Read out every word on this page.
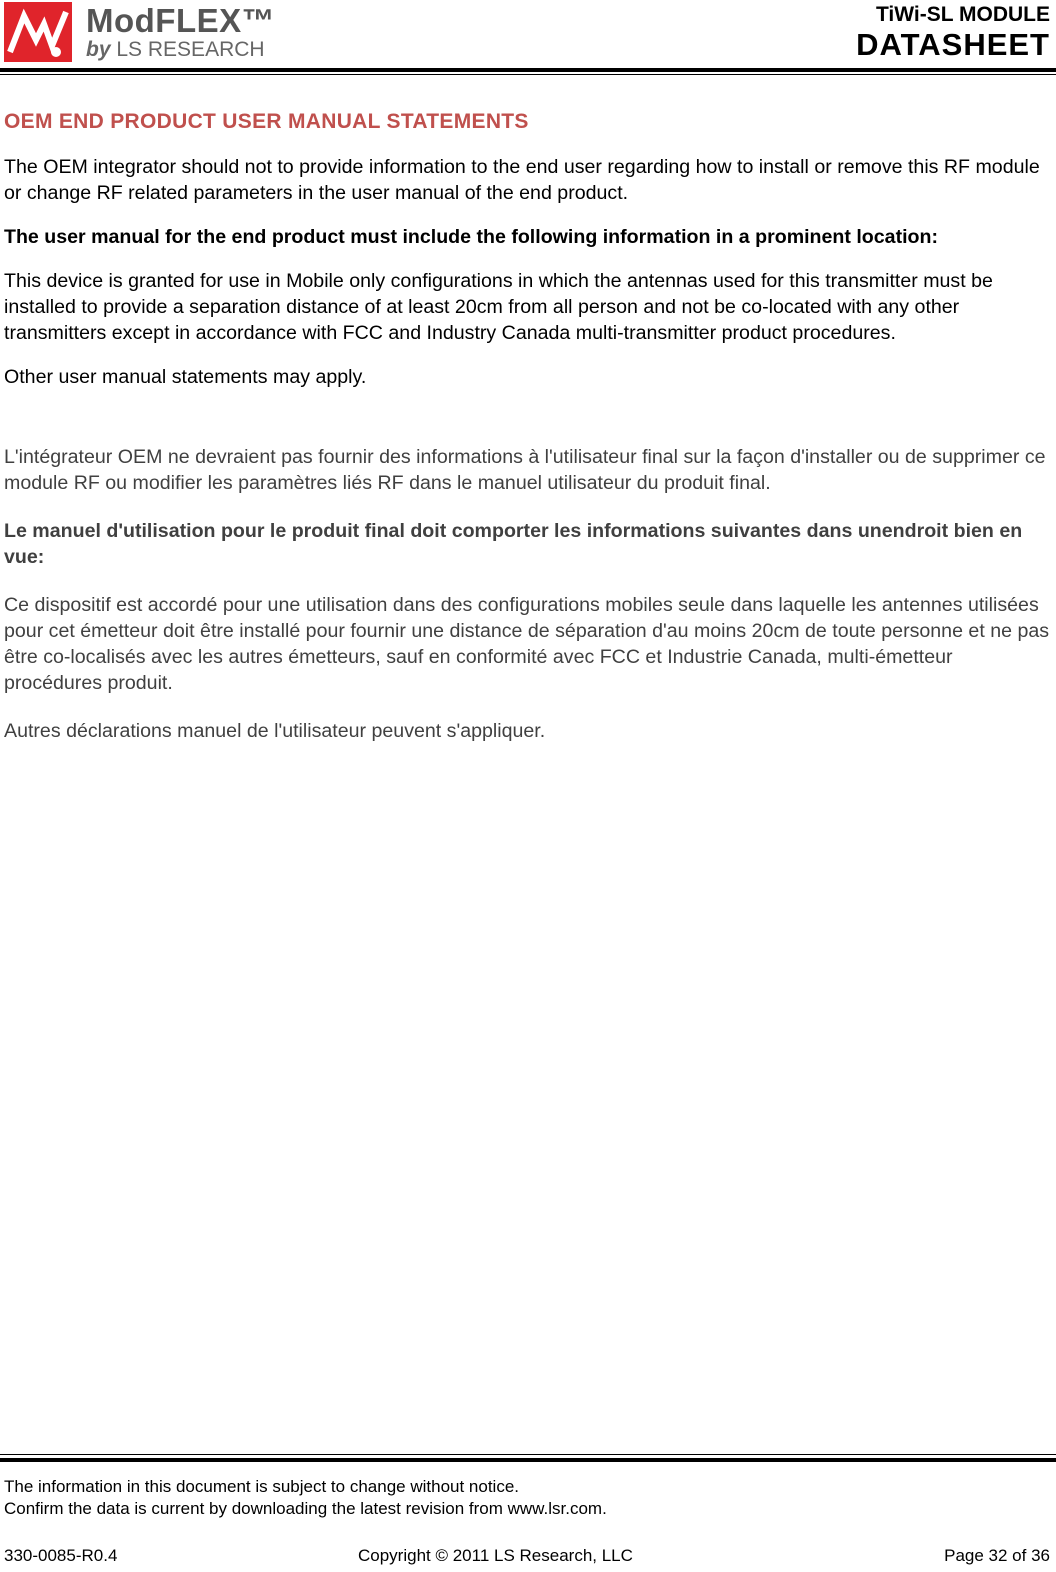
ModFLEX™
by LS RESEARCH
TiWi-SL MODULE
DATASHEET
OEM END PRODUCT USER MANUAL STATEMENTS

The OEM integrator should not to provide information to the end user regarding how to install or remove this RF module or change RF related parameters in the user manual of the end product.

The user manual for the end product must include the following information in a prominent location:

This device is granted for use in Mobile only configurations in which the antennas used for this transmitter must be installed to provide a separation distance of at least 20cm from all person and not be co-located with any other transmitters except in accordance with FCC and Industry Canada multi-transmitter product procedures.

Other user manual statements may apply.

L'intégrateur OEM ne devraient pas fournir des informations à l'utilisateur final sur la façon d'installer ou de supprimer ce module RF ou modifier les paramètres liés RF dans le manuel utilisateur du produit final.

Le manuel d'utilisation pour le produit final doit comporter les informations suivantes dans unendroit bien en vue:

Ce dispositif est accordé pour une utilisation dans des configurations mobiles seule dans laquelle les antennes utilisées pour cet émetteur doit être installé pour fournir une distance de séparation d'au moins 20cm de toute personne et ne pas être co-localisés avec les autres émetteurs, sauf en conformité avec FCC et Industrie Canada, multi-émetteur procédures produit.

Autres déclarations manuel de l'utilisateur peuvent s'appliquer.

The information in this document is subject to change without notice.
Confirm the data is current by downloading the latest revision from www.lsr.com.
330-0085-R0.4	Copyright © 2011 LS Research, LLC	Page 32 of 36
